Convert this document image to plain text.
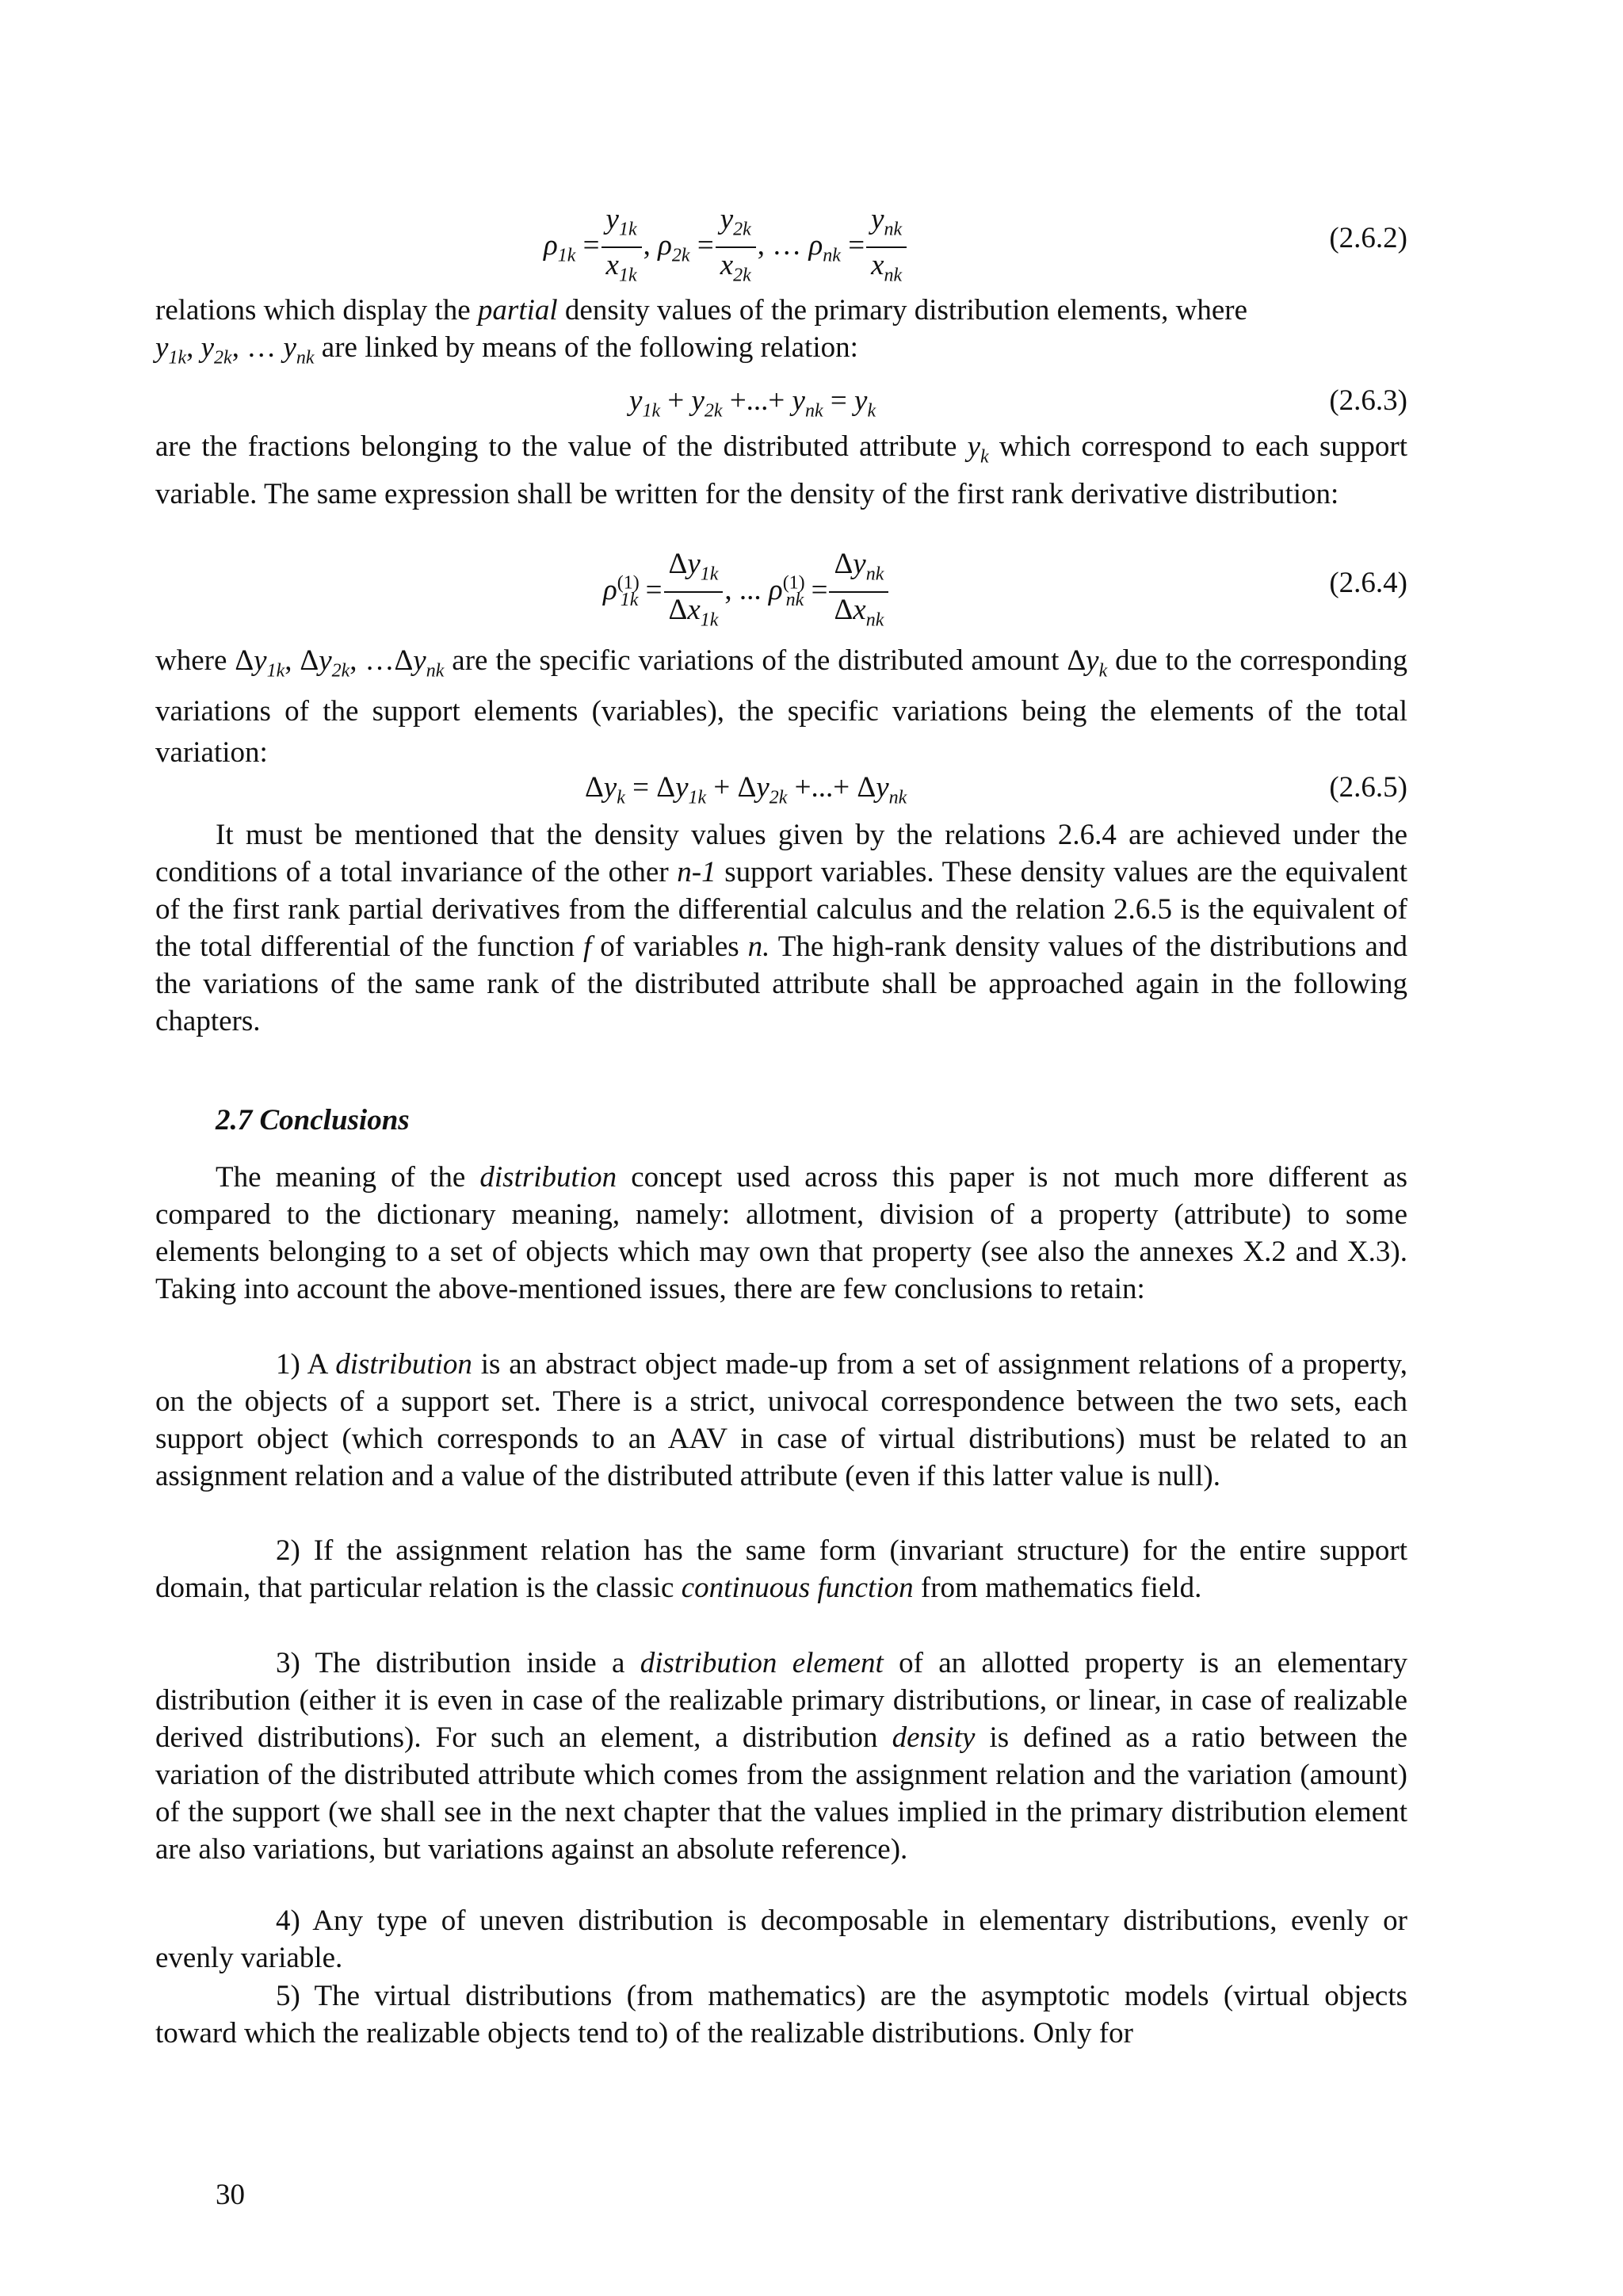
$\rho_{1k} = \frac{y_{1k}}{x_{1k}}$ , $\rho_{2k} = \frac{y_{2k}}{x_{2k}}$ , … $\rho_{nk} = \frac{y_{nk}}{x_{nk}}$	(2.6.2)
relations which display the partial density values of the primary distribution elements, where
$y_{1k}$, $y_{2k}$, … $y_{nk}$ are linked by means of the following relation:
$y_{1k} + y_{2k}$ +...+ $y_{nk} = y_k$	(2.6.3)
are the fractions belonging to the value of the distributed attribute $y_k$ which correspond to each support variable. The same expression shall be written for the density of the first rank derivative distribution:
$\rho^{(1)}_{1k} = \frac{\Delta y_{1k}}{\Delta x_{1k}}$ , ... $\rho^{(1)}_{nk} = \frac{\Delta y_{nk}}{\Delta x_{nk}}$	(2.6.4)
where $\Delta y_{1k}$, $\Delta y_{2k}$, $\dots\Delta y_{nk}$ are the specific variations of the distributed amount $\Delta y_k$ due to the corresponding variations of the support elements (variables), the specific variations being the elements of the total variation:
$\Delta y_k = \Delta y_{1k} + \Delta y_{2k}$ +...+ $\Delta y_{nk}$	(2.6.5)
It must be mentioned that the density values given by the relations 2.6.4 are achieved under the conditions of a total invariance of the other n-1 support variables. These density values are the equivalent of the first rank partial derivatives from the differential calculus and the relation 2.6.5 is the equivalent of the total differential of the function f of variables n. The high-rank density values of the distributions and the variations of the same rank of the distributed attribute shall be approached again in the following chapters.
2.7 Conclusions
The meaning of the distribution concept used across this paper is not much more different as compared to the dictionary meaning, namely: allotment, division of a property (attribute) to some elements belonging to a set of objects which may own that property (see also the annexes X.2 and X.3). Taking into account the above-mentioned issues, there are few conclusions to retain:
1) A distribution is an abstract object made-up from a set of assignment relations of a property, on the objects of a support set. There is a strict, univocal correspondence between the two sets, each support object (which corresponds to an AAV in case of virtual distributions) must be related to an assignment relation and a value of the distributed attribute (even if this latter value is null).
2) If the assignment relation has the same form (invariant structure) for the entire support domain, that particular relation is the classic continuous function from mathematics field.
3) The distribution inside a distribution element of an allotted property is an elementary distribution (either it is even in case of the realizable primary distributions, or linear, in case of realizable derived distributions). For such an element, a distribution density is defined as a ratio between the variation of the distributed attribute which comes from the assignment relation and the variation (amount) of the support (we shall see in the next chapter that the values implied in the primary distribution element are also variations, but variations against an absolute reference).
4) Any type of uneven distribution is decomposable in elementary distributions, evenly or evenly variable.
5) The virtual distributions (from mathematics) are the asymptotic models (virtual objects toward which the realizable objects tend to) of the realizable distributions. Only for
30
